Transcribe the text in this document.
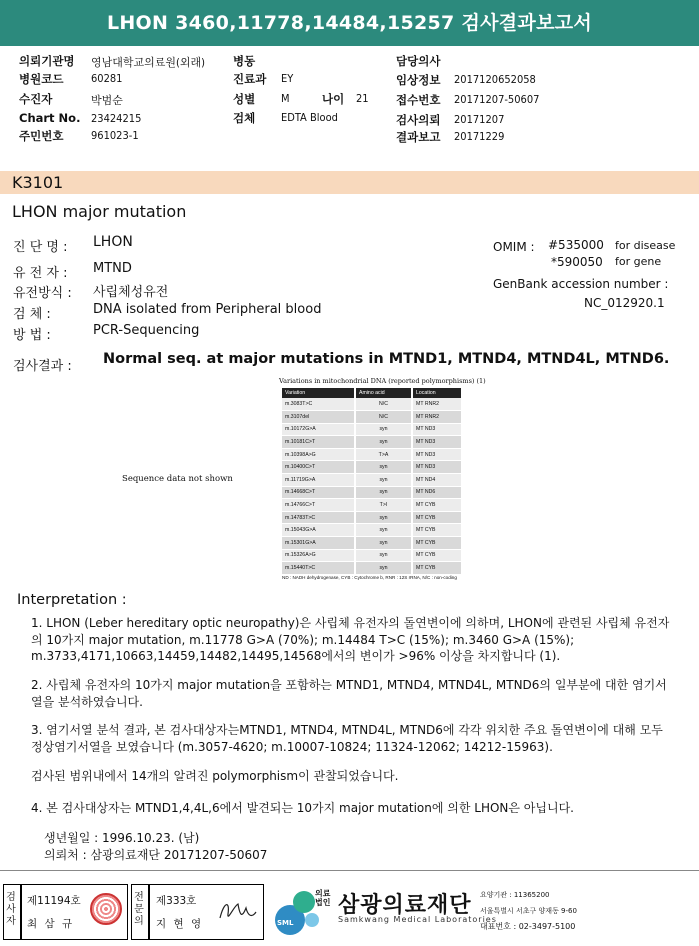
LHON 3460,11778,14484,15257 검사결과보고서
의뢰기관명 영남대학교의료원(외래)
병원코드	60281
수진자	박범순
Chart No. 23424215
주민번호	961023-1
병동
진료과 EY
성별 M	나이 21
검체 EDTA Blood
담당의사
임상정보 2017120652058
접수번호 20171207-50607
검사의뢰 20171207
결과보고 20171229
K3101
LHON major mutation
진 단 명 : LHON
유 전 자 : MTND
유전방식 : 사립체성유전
검 체 :	DNA isolated from Peripheral blood
방 법 :	PCR-Sequencing
OMIM : #535000 for disease
*590050 for gene
GenBank accession number :
NC_012920.1
검사결과 : Normal seq. at major mutations in MTND1, MTND4, MTND4L, MTND6.
Variations in mitochondrial DNA (reported polymorphisms) (1)
Variation	Amino acid	Location
m.3083T>C	N/C	MT RNR2
m.3107del	N/C	MT RNR2
m.10172G>A	syn	MT ND3
m.10181C>T	syn	MT ND3
m.10398A>G	T>A	MT ND3
m.10400C>T	syn	MT ND3
m.11719G>A	syn	MT ND4
m.14668C>T	syn	MT ND6
m.14766C>T	T>I	MT CYB
m.14783T>C	syn	MT CYB
m.15043G>A	syn	MT CYB
m.15301G>A	syn	MT CYB
m.15326A>G	syn	MT CYB
m.15440T>C	syn	MT CYB
ND : NADH dehydrogenase, CYB : Cytochrome b, RNR : 12S rRNA, N/C : non-coding
Sequence data not shown
Interpretation :
1. LHON (Leber hereditary optic neuropathy)은 사립체 유전자의 돌연변이에 의하며, LHON에 관련된 사립체 유전자의 10가지 major mutation, m.11778 G>A (70%); m.14484 T>C (15%); m.3460 G>A (15%); m.3733,4171,10663,14459,14482,14495,14568에서의 변이가 >96% 이상을 차지합니다 (1).
2. 사립체 유전자의 10가지 major mutation을 포함하는 MTND1, MTND4, MTND4L, MTND6의 일부분에 대한 염기서열을 분석하였습니다.
3. 염기서열 분석 결과, 본 검사대상자는MTND1, MTND4, MTND4L, MTND6에 각각 위치한 주요 돌연변이에 대해 모두 정상염기서열을 보였습니다 (m.3057-4620; m.10007-10824; 11324-12062; 14212-15963).
검사된 범위내에서 14개의 알려진 polymorphism이 관찰되었습니다.
4. 본 검사대상자는 MTND1,4,4L,6에서 발견되는 10가지 major mutation에 의한 LHON은 아닙니다.
생년월일 : 1996.10.23. (남)
의뢰처 : 삼광의료재단 20171207-50607
검사자
제11194호
최 삼 규
전문의
제333호
지 현 영	SML
의료법인 삼광의료재단
Samkwang Medical Laboratories
요양기관 : 11365200
서울특별시 서초구 양재동 9-60
대표번호 : 02-3497-5100
